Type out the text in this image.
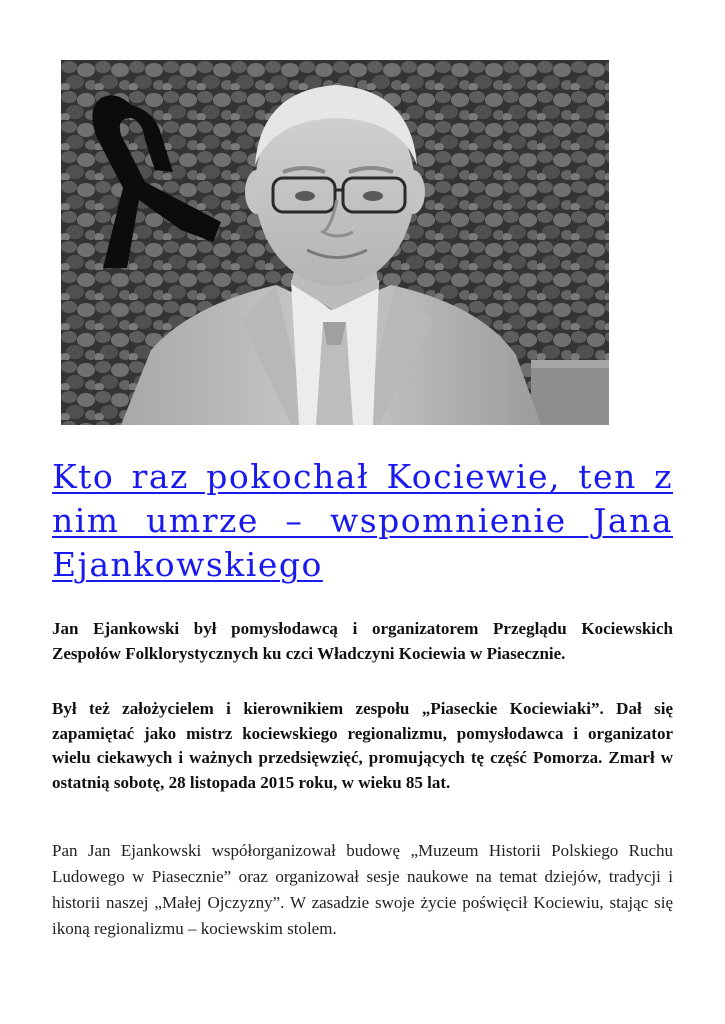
Kto raz pokochał Kociewie, ten z nim umrze – wspomnienie Jana Ejankowskiego

Jan Ejankowski był pomysłodawcą i organizatorem Przeglądu Kociewskich Zespołów Folklorystycznych ku czci Władczyni Kociewia w Piasecznie.

Był też założycielem i kierownikiem zespołu „Piaseckie Kociewiaki”. Dał się zapamiętać jako mistrz kociewskiego regionalizmu, pomysłodawca i organizator wielu ciekawych i ważnych przedsięwzięć, promujących tę część Pomorza. Zmarł w ostatnią sobotę, 28 listopada 2015 roku, w wieku 85 lat.

Pan Jan Ejankowski współorganizował budowę „Muzeum Historii Polskiego Ruchu Ludowego w Piasecznie” oraz organizował sesje naukowe na temat dziejów, tradycji i historii naszej „Małej Ojczyzny”. W zasadzie swoje życie poświęcił Kociewiu, stając się ikoną regionalizmu – kociewskim stolem.
